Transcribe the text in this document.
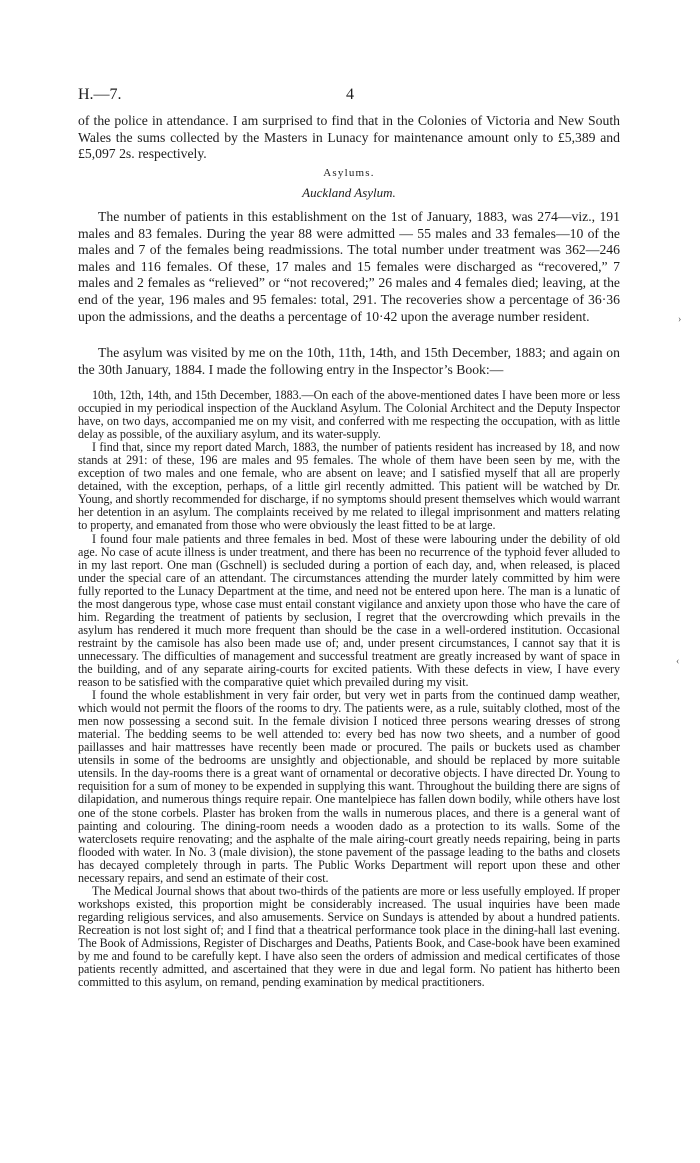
H.—7.	4

of the police in attendance. I am surprised to find that in the Colonies of Victoria and New South Wales the sums collected by the Masters in Lunacy for maintenance amount only to £5,389 and £5,097 2s. respectively.

Asylums.
Auckland Asylum.

The number of patients in this establishment on the 1st of January, 1883, was 274—viz., 191 males and 83 females. During the year 88 were admitted — 55 males and 33 females—10 of the males and 7 of the females being readmissions. The total number under treatment was 362—246 males and 116 females. Of these, 17 males and 15 females were discharged as “recovered,” 7 males and 2 females as “relieved” or “not recovered;” 26 males and 4 females died; leaving, at the end of the year, 196 males and 95 females: total, 291. The recoveries show a percentage of 36·36 upon the admissions, and the deaths a percentage of 10·42 upon the average number resident.

The asylum was visited by me on the 10th, 11th, 14th, and 15th December, 1883; and again on the 30th January, 1884. I made the following entry in the Inspector’s Book:—

10th, 12th, 14th, and 15th December, 1883.—On each of the above-mentioned dates I have been more or less occupied in my periodical inspection of the Auckland Asylum. The Colonial Architect and the Deputy Inspector have, on two days, accompanied me on my visit, and conferred with me respecting the occupation, with as little delay as possible, of the auxiliary asylum, and its water-supply.

I find that, since my report dated March, 1883, the number of patients resident has increased by 18, and now stands at 291: of these, 196 are males and 95 females. The whole of them have been seen by me, with the exception of two males and one female, who are absent on leave; and I satisfied myself that all are properly detained, with the exception, perhaps, of a little girl recently admitted. This patient will be watched by Dr. Young, and shortly recommended for discharge, if no symptoms should present themselves which would warrant her detention in an asylum. The complaints received by me related to illegal imprisonment and matters relating to property, and emanated from those who were obviously the least fitted to be at large.

I found four male patients and three females in bed. Most of these were labouring under the debility of old age. No case of acute illness is under treatment, and there has been no recurrence of the typhoid fever alluded to in my last report. One man (Gschnell) is secluded during a portion of each day, and, when released, is placed under the special care of an attendant. The circumstances attending the murder lately committed by him were fully reported to the Lunacy Department at the time, and need not be entered upon here. The man is a lunatic of the most dangerous type, whose case must entail constant vigilance and anxiety upon those who have the care of him. Regarding the treatment of patients by seclusion, I regret that the overcrowding which prevails in the asylum has rendered it much more frequent than should be the case in a well-ordered institution. Occasional restraint by the camisole has also been made use of; and, under present circumstances, I cannot say that it is unnecessary. The difficulties of management and successful treatment are greatly increased by want of space in the building, and of any separate airing-courts for excited patients. With these defects in view, I have every reason to be satisfied with the comparative quiet which prevailed during my visit.

I found the whole establishment in very fair order, but very wet in parts from the continued damp weather, which would not permit the floors of the rooms to dry. The patients were, as a rule, suitably clothed, most of the men now possessing a second suit. In the female division I noticed three persons wearing dresses of strong material. The bedding seems to be well attended to: every bed has now two sheets, and a number of good paillasses and hair mattresses have recently been made or procured. The pails or buckets used as chamber utensils in some of the bedrooms are unsightly and objectionable, and should be replaced by more suitable utensils. In the day-rooms there is a great want of ornamental or decorative objects. I have directed Dr. Young to requisition for a sum of money to be expended in supplying this want. Throughout the building there are signs of dilapidation, and numerous things require repair. One mantelpiece has fallen down bodily, while others have lost one of the stone corbels. Plaster has broken from the walls in numerous places, and there is a general want of painting and colouring. The dining-room needs a wooden dado as a protection to its walls. Some of the waterclosets require renovating; and the asphalte of the male airing-court greatly needs repairing, being in parts flooded with water. In No. 3 (male division), the stone pavement of the passage leading to the baths and closets has decayed completely through in parts. The Public Works Department will report upon these and other necessary repairs, and send an estimate of their cost.

The Medical Journal shows that about two-thirds of the patients are more or less usefully employed. If proper workshops existed, this proportion might be considerably increased. The usual inquiries have been made regarding religious services, and also amusements. Service on Sundays is attended by about a hundred patients. Recreation is not lost sight of; and I find that a theatrical performance took place in the dining-hall last evening. The Book of Admissions, Register of Discharges and Deaths, Patients Book, and Case-book have been examined by me and found to be carefully kept. I have also seen the orders of admission and medical certificates of those patients recently admitted, and ascertained that they were in due and legal form. No patient has hitherto been committed to this asylum, on remand, pending examination by medical practitioners.

›
‹
